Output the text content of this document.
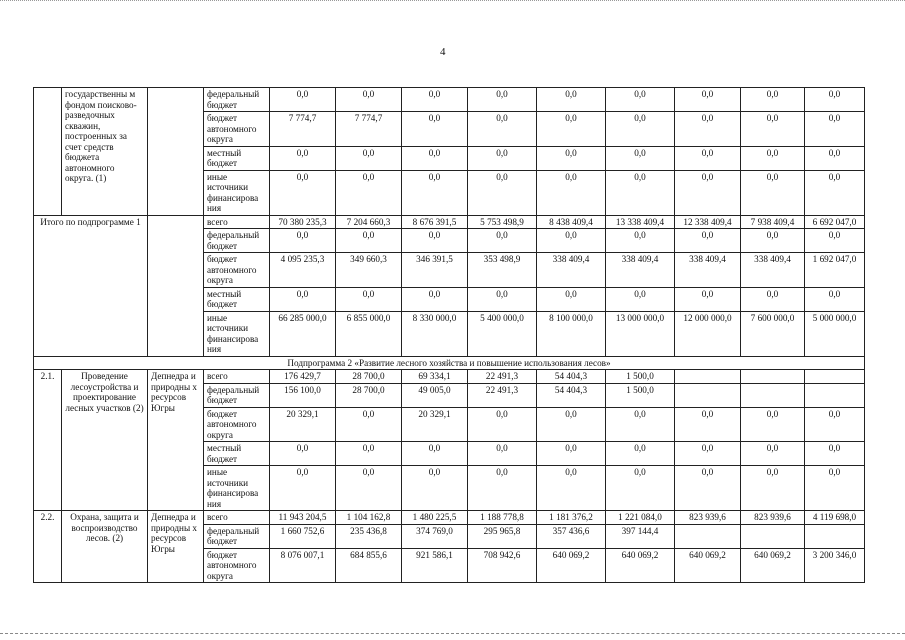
4
	государственны м фондом поисково-разведочных скважин, построенных за счет средств бюджета автономного округа. (1)		федеральный бюджет	0,0	0,0	0,0	0,0	0,0	0,0	0,0	0,0	0,0
			бюджет автономного округа	7 774,7	7 774,7	0,0	0,0	0,0	0,0	0,0	0,0	0,0
			местный бюджет	0,0	0,0	0,0	0,0	0,0	0,0	0,0	0,0	0,0
			иные источники финансирова ния	0,0	0,0	0,0	0,0	0,0	0,0	0,0	0,0	0,0
Итого по подпрограмме 1			всего	70 380 235,3	7 204 660,3	8 676 391,5	5 753 498,9	8 438 409,4	13 338 409,4	12 338 409,4	7 938 409,4	6 692 047,0
			федеральный бюджет	0,0	0,0	0,0	0,0	0,0	0,0	0,0	0,0	0,0
			бюджет автономного округа	4 095 235,3	349 660,3	346 391,5	353 498,9	338 409,4	338 409,4	338 409,4	338 409,4	1 692 047,0
			местный бюджет	0,0	0,0	0,0	0,0	0,0	0,0	0,0	0,0	0,0
			иные источники финансирова ния	66 285 000,0	6 855 000,0	8 330 000,0	5 400 000,0	8 100 000,0	13 000 000,0	12 000 000,0	7 600 000,0	5 000 000,0
Подпрограмма 2 «Развитие лесного хозяйства и повышение использования лесов»												
2.1.	Проведение лесоустройства и проектирование лесных участков (2)	Депнедра и природны х ресурсов Югры	всего	176 429,7	28 700,0	69 334,1	22 491,3	54 404,3	1 500,0			
			федеральный бюджет	156 100,0	28 700,0	49 005,0	22 491,3	54 404,3	1 500,0			
			бюджет автономного округа	20 329,1	0,0	20 329,1	0,0	0,0	0,0	0,0	0,0	0,0
			местный бюджет	0,0	0,0	0,0	0,0	0,0	0,0	0,0	0,0	0,0
			иные источники финансирова ния	0,0	0,0	0,0	0,0	0,0	0,0	0,0	0,0	0,0
2.2.	Охрана, защита и воспроизводство лесов. (2)	Депнедра и природны х ресурсов Югры	всего	11 943 204,5	1 104 162,8	1 480 225,5	1 188 778,8	1 181 376,2	1 221 084,0	823 939,6	823 939,6	4 119 698,0
			федеральный бюджет	1 660 752,6	235 436,8	374 769,0	295 965,8	357 436,6	397 144,4			
			бюджет автономного округа	8 076 007,1	684 855,6	921 586,1	708 942,6	640 069,2	640 069,2	640 069,2	640 069,2	3 200 346,0
